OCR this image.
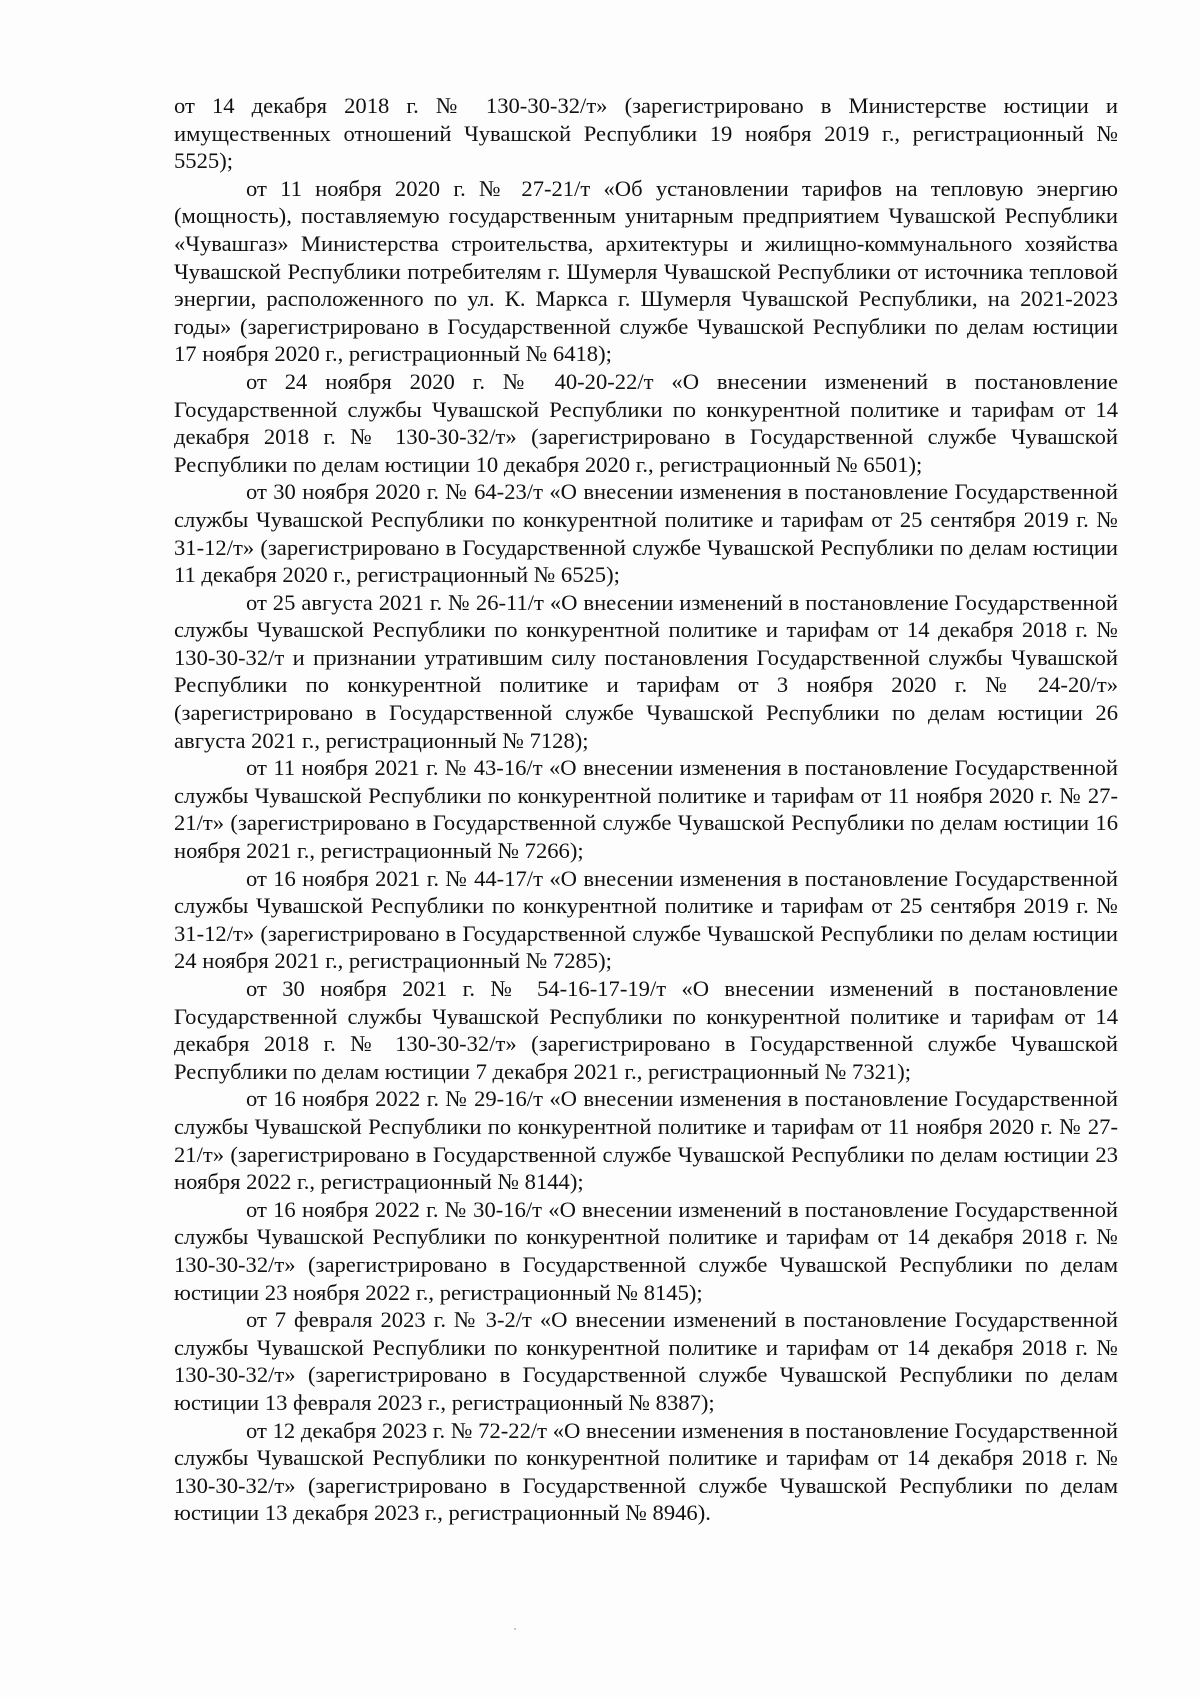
от 14 декабря 2018 г. № 130-30-32/т» (зарегистрировано в Министерстве юстиции и имущественных отношений Чувашской Республики 19 ноября 2019 г., регистрационный № 5525);

от 11 ноября 2020 г. № 27-21/т «Об установлении тарифов на тепловую энергию (мощность), поставляемую государственным унитарным предприятием Чувашской Республики «Чувашгаз» Министерства строительства, архитектуры и жилищно-коммунального хозяйства Чувашской Республики потребителям г. Шумерля Чувашской Республики от источника тепловой энергии, расположенного по ул. К. Маркса г. Шумерля Чувашской Республики, на 2021-2023 годы» (зарегистрировано в Государственной службе Чувашской Республики по делам юстиции 17 ноября 2020 г., регистрационный № 6418);

от 24 ноября 2020 г. № 40-20-22/т «О внесении изменений в постановление Государственной службы Чувашской Республики по конкурентной политике и тарифам от 14 декабря 2018 г. № 130-30-32/т» (зарегистрировано в Государственной службе Чувашской Республики по делам юстиции 10 декабря 2020 г., регистрационный № 6501);

от 30 ноября 2020 г. № 64-23/т «О внесении изменения в постановление Государственной службы Чувашской Республики по конкурентной политике и тарифам от 25 сентября 2019 г. № 31-12/т» (зарегистрировано в Государственной службе Чувашской Республики по делам юстиции 11 декабря 2020 г., регистрационный № 6525);

от 25 августа 2021 г. № 26-11/т «О внесении изменений в постановление Государственной службы Чувашской Республики по конкурентной политике и тарифам от 14 декабря 2018 г. № 130-30-32/т и признании утратившим силу постановления Государственной службы Чувашской Республики по конкурентной политике и тарифам от 3 ноября 2020 г. № 24-20/т» (зарегистрировано в Государственной службе Чувашской Республики по делам юстиции 26 августа 2021 г., регистрационный № 7128);

от 11 ноября 2021 г. № 43-16/т «О внесении изменения в постановление Государственной службы Чувашской Республики по конкурентной политике и тарифам от 11 ноября 2020 г. № 27-21/т» (зарегистрировано в Государственной службе Чувашской Республики по делам юстиции 16 ноября 2021 г., регистрационный № 7266);

от 16 ноября 2021 г. № 44-17/т «О внесении изменения в постановление Государственной службы Чувашской Республики по конкурентной политике и тарифам от 25 сентября 2019 г. № 31-12/т» (зарегистрировано в Государственной службе Чувашской Республики по делам юстиции 24 ноября 2021 г., регистрационный № 7285);

от 30 ноября 2021 г. № 54-16-17-19/т «О внесении изменений в постановление Государственной службы Чувашской Республики по конкурентной политике и тарифам от 14 декабря 2018 г. № 130-30-32/т» (зарегистрировано в Государственной службе Чувашской Республики по делам юстиции 7 декабря 2021 г., регистрационный № 7321);

от 16 ноября 2022 г. № 29-16/т «О внесении изменения в постановление Государственной службы Чувашской Республики по конкурентной политике и тарифам от 11 ноября 2020 г. № 27-21/т» (зарегистрировано в Государственной службе Чувашской Республики по делам юстиции 23 ноября 2022 г., регистрационный № 8144);

от 16 ноября 2022 г. № 30-16/т «О внесении изменений в постановление Государственной службы Чувашской Республики по конкурентной политике и тарифам от 14 декабря 2018 г. № 130-30-32/т» (зарегистрировано в Государственной службе Чувашской Республики по делам юстиции 23 ноября 2022 г., регистрационный № 8145);

от 7 февраля 2023 г. № 3-2/т «О внесении изменений в постановление Государственной службы Чувашской Республики по конкурентной политике и тарифам от 14 декабря 2018 г. № 130-30-32/т» (зарегистрировано в Государственной службе Чувашской Республики по делам юстиции 13 февраля 2023 г., регистрационный № 8387);

от 12 декабря 2023 г. № 72-22/т «О внесении изменения в постановление Государственной службы Чувашской Республики по конкурентной политике и тарифам от 14 декабря 2018 г. № 130-30-32/т» (зарегистрировано в Государственной службе Чувашской Республики по делам юстиции 13 декабря 2023 г., регистрационный № 8946).
